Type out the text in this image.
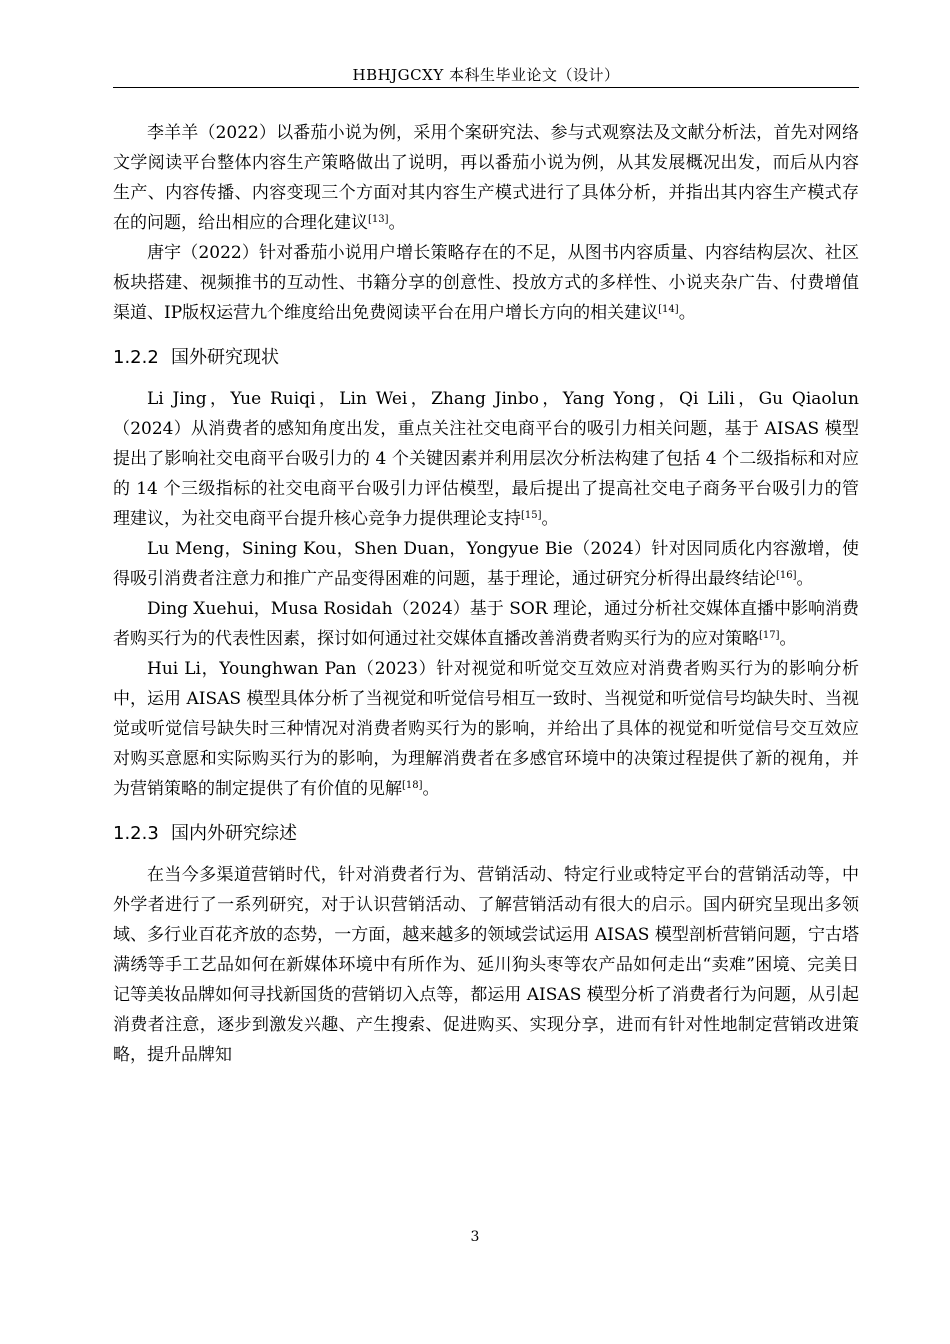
HBHJGCXY 本科生毕业论文（设计）

李羊羊（2022）以番茄小说为例，采用个案研究法、参与式观察法及文献分析法，首先对网络文学阅读平台整体内容生产策略做出了说明，再以番茄小说为例，从其发展概况出发，而后从内容生产、内容传播、内容变现三个方面对其内容生产模式进行了具体分析，并指出其内容生产模式存在的问题，给出相应的合理化建议[13]。

唐宇（2022）针对番茄小说用户增长策略存在的不足，从图书内容质量、内容结构层次、社区板块搭建、视频推书的互动性、书籍分享的创意性、投放方式的多样性、小说夹杂广告、付费增值渠道、IP版权运营九个维度给出免费阅读平台在用户增长方向的相关建议[14]。

1.2.2 国外研究现状

Li Jing，Yue Ruiqi，Lin Wei，Zhang Jinbo，Yang Yong，Qi Lili，Gu Qiaolun（2024）从消费者的感知角度出发，重点关注社交电商平台的吸引力相关问题，基于 AISAS 模型提出了影响社交电商平台吸引力的 4 个关键因素并利用层次分析法构建了包括 4 个二级指标和对应的 14 个三级指标的社交电商平台吸引力评估模型，最后提出了提高社交电子商务平台吸引力的管理建议，为社交电商平台提升核心竞争力提供理论支持[15]。

Lu Meng，Sining Kou，Shen Duan，Yongyue Bie（2024）针对因同质化内容激增，使得吸引消费者注意力和推广产品变得困难的问题，基于理论，通过研究分析得出最终结论[16]。

Ding Xuehui，Musa Rosidah（2024）基于 SOR 理论，通过分析社交媒体直播中影响消费者购买行为的代表性因素，探讨如何通过社交媒体直播改善消费者购买行为的应对策略[17]。

Hui Li，Younghwan Pan（2023）针对视觉和听觉交互效应对消费者购买行为的影响分析中，运用 AISAS 模型具体分析了当视觉和听觉信号相互一致时、当视觉和听觉信号均缺失时、当视觉或听觉信号缺失时三种情况对消费者购买行为的影响，并给出了具体的视觉和听觉信号交互效应对购买意愿和实际购买行为的影响，为理解消费者在多感官环境中的决策过程提供了新的视角，并为营销策略的制定提供了有价值的见解[18]。

1.2.3 国内外研究综述

在当今多渠道营销时代，针对消费者行为、营销活动、特定行业或特定平台的营销活动等，中外学者进行了一系列研究，对于认识营销活动、了解营销活动有很大的启示。国内研究呈现出多领域、多行业百花齐放的态势，一方面，越来越多的领域尝试运用 AISAS 模型剖析营销问题，宁古塔满绣等手工艺品如何在新媒体环境中有所作为、延川狗头枣等农产品如何走出“卖难”困境、完美日记等美妆品牌如何寻找新国货的营销切入点等，都运用 AISAS 模型分析了消费者行为问题，从引起消费者注意，逐步到激发兴趣、产生搜索、促进购买、实现分享，进而有针对性地制定营销改进策略，提升品牌知

3
